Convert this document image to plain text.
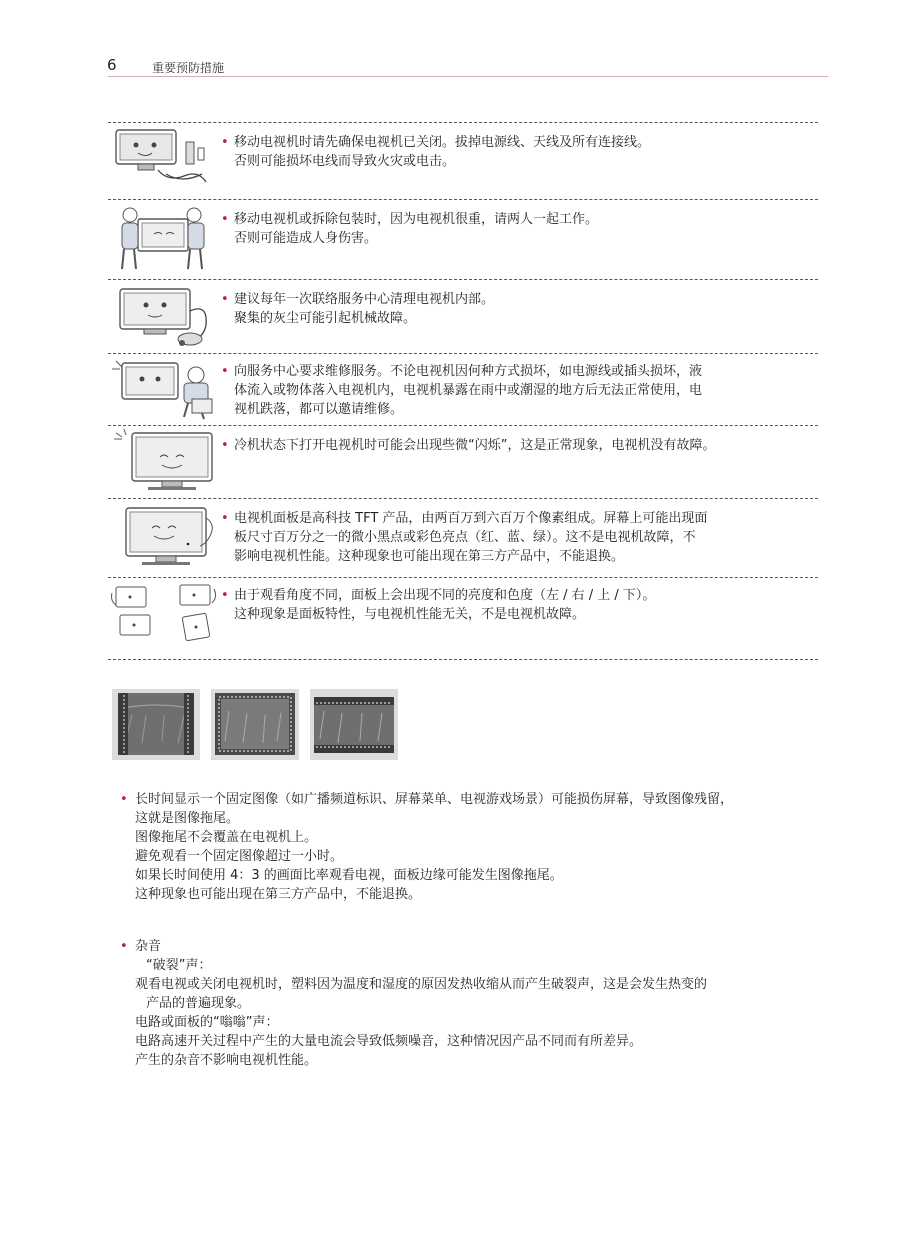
6	重要预防措施
• 移动电视机时请先确保电视机已关闭。拔掉电源线、天线及所有连接线。

否则可能损坏电线而导致火灾或电击。

• 移动电视机或拆除包装时，因为电视机很重，请两人一起工作。

否则可能造成人身伤害。

• 建议每年一次联络服务中心清理电视机内部。

聚集的灰尘可能引起机械故障。

• 向服务中心要求维修服务。不论电视机因何种方式损坏，如电源线或插头损坏，液

体流入或物体落入电视机内，电视机暴露在雨中或潮湿的地方后无法正常使用，电

视机跌落，都可以邀请维修。

• 冷机状态下打开电视机时可能会出现些微“闪烁”，这是正常现象，电视机没有故障。

• 电视机面板是高科技 TFT 产品，由两百万到六百万个像素组成。屏幕上可能出现面

板尺寸百万分之一的微小黑点或彩色亮点（红、蓝、绿）。这不是电视机故障，不

影响电视机性能。这种现象也可能出现在第三方产品中，不能退换。

• 由于观看角度不同，面板上会出现不同的亮度和色度（左 / 右 / 上 / 下）。

这种现象是面板特性，与电视机性能无关，不是电视机故障。

• 长时间显示一个固定图像（如广播频道标识、屏幕菜单、电视游戏场景）可能损伤屏幕，导致图像残留，

这就是图像拖尾。

图像拖尾不会覆盖在电视机上。

避免观看一个固定图像超过一小时。

如果长时间使用 4：3 的画面比率观看电视，面板边缘可能发生图像拖尾。

这种现象也可能出现在第三方产品中，不能退换。

• 杂音

“破裂”声：

观看电视或关闭电视机时，塑料因为温度和湿度的原因发热收缩从而产生破裂声，这是会发生热变的

产品的普遍现象。

电路或面板的“嗡嗡”声：

电路高速开关过程中产生的大量电流会导致低频噪音，这种情况因产品不同而有所差异。

产生的杂音不影响电视机性能。
